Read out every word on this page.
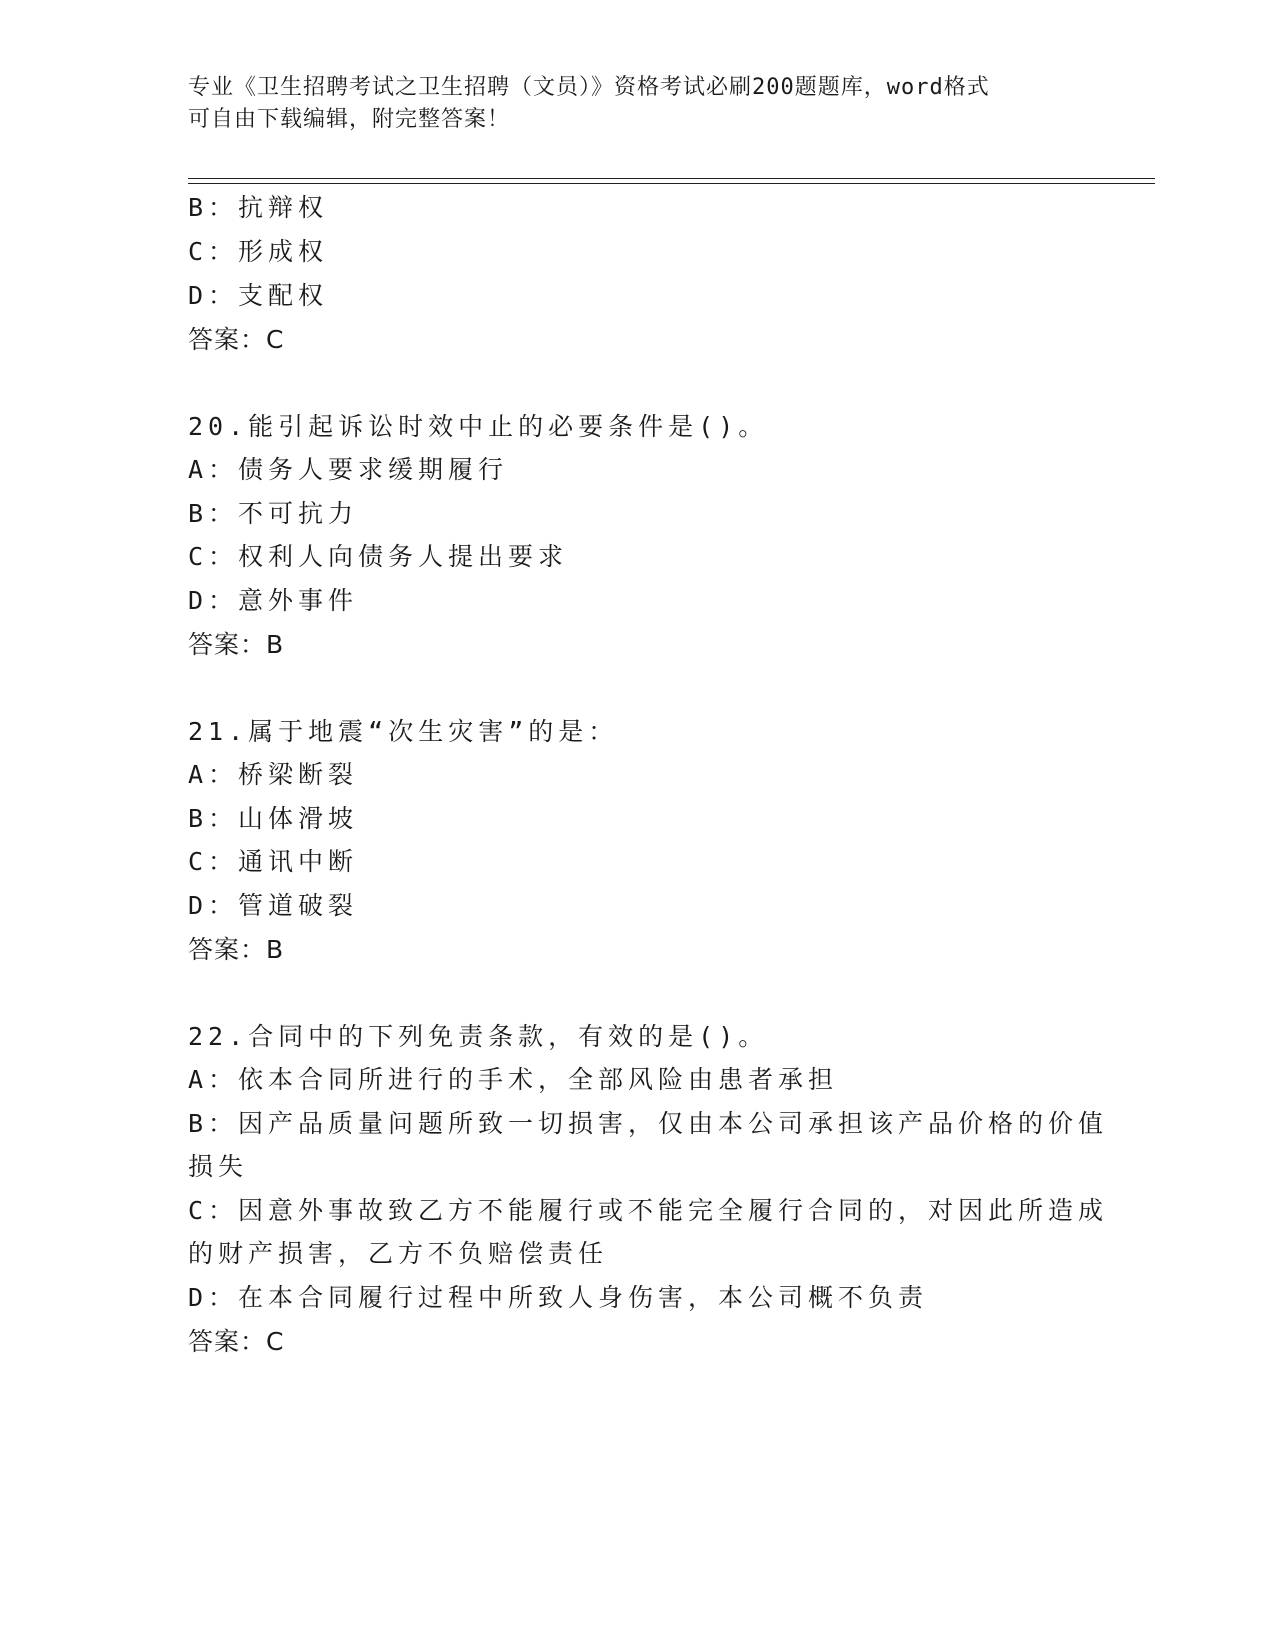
专业《卫生招聘考试之卫生招聘（文员）》资格考试必刷200题题库，word格式
可自由下载编辑，附完整答案！
B：抗辩权
C：形成权
D：支配权
答案：C
20.能引起诉讼时效中止的必要条件是()。
A：债务人要求缓期履行
B：不可抗力
C：权利人向债务人提出要求
D：意外事件
答案：B
21.属于地震“次生灾害”的是：
A：桥梁断裂
B：山体滑坡
C：通讯中断
D：管道破裂
答案：B
22.合同中的下列免责条款，有效的是()。
A：依本合同所进行的手术，全部风险由患者承担
B：因产品质量问题所致一切损害，仅由本公司承担该产品价格的价值
损失
C：因意外事故致乙方不能履行或不能完全履行合同的，对因此所造成
的财产损害，乙方不负赔偿责任
D：在本合同履行过程中所致人身伤害，本公司概不负责
答案：C
